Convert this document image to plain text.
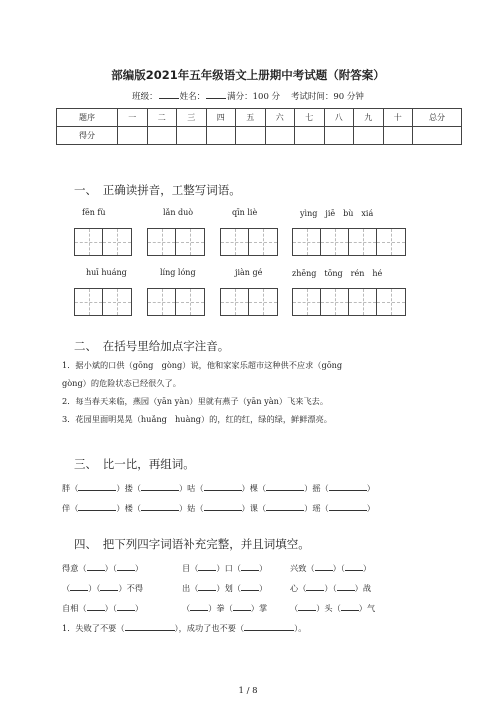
部编版2021年五年级语文上册期中考试题（附答案）
班级：	姓名：	满分：100 分 考试时间：90 分钟
题序	一	二	三	四	五	六	七	八	九	十	总分
得分											
一、　正确读拼音，工整写词语。
fēn fù	lǎn duò	qīn liè	yìng　jiē　bù　xiá
huī huáng	líng lóng	jiàn gé	zhēng　tōng　rén　hé
二、　在括号里给加点字注音。
1．据小斌的口供（gōng　gòng）说，他和家家乐超市这种供不应求（gōng
gòng）的危险状态已经很久了。
2．每当春天来临，燕园（yān yàn）里就有燕子（yān yàn）飞来飞去。
3．花园里面明晃晃（huǎng　huàng）的，红的红，绿的绿，鲜鲜漂亮。
三、　比一比，再组词。
胖（	）搂（	）咕（	）棵（	）摇（	）
伴（	）楼（	）姑（	）课（	）瑶（	）
四、　把下列四字词语补充完整，并且词填空。
得意（ ）（ ）	目（ ）口（ ）	兴致（ ）（ ）
（ ）（ ）不得	出（ ）划（ ）	心（ ）（ ）战
自相（ ）（ ）	（ ）拳（ ）掌	（ ）头（ ）气
1．失败了不要（	），成功了也不要（	）。
1 / 8
